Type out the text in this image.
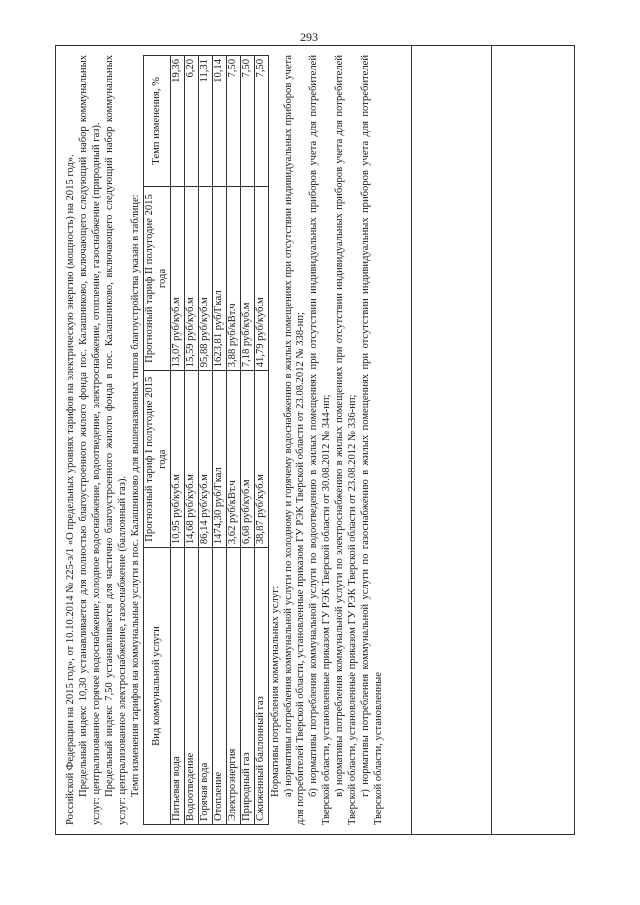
293

Российской Федерации на 2015 год», от 10.10.2014 № 225-э/1 «О предельных уровнях тарифов на электрическую энергию (мощность) на 2015 год». Предельный индекс 10,30 устанавливается для полностью благоустроенного жилого фонда пос. Калашниково, включающего следующий набор коммунальных услуг: централизованное горячее водоснабжение, холодное водоснабжение, водоотведение, электроснабжение, отопление, газоснабжение (природный газ). Предельный индекс 7,50 устанавливается для частично благоустроенного жилого фонда в пос. Калашниково, включающего следующий набор коммунальных услуг: централизованное электроснабжение, газоснабжение (баллонный газ). Темп изменения тарифов на коммунальные услуги в пос. Калашниково для вышеназванных типов благоустройства указан в таблице: Вид коммунальной услуги	Прогнозный тариф I полугодие 2015 года	Прогнозный тариф II полугодие 2015 года	Темп изменения, %
Питьевая вода	10,95 руб/куб.м	13,07 руб/куб.м	19,36
Водоотведение	14,68 руб/куб.м	15,59 руб/куб.м	6,20
Горячая вода	86,14 руб/куб.м	95,88 руб/куб.м	11,31
Отопление	1474,30 руб/Гкал	1623,81 руб/Гкал	10,14
Электроэнергия	3,62 руб/кВт.ч	3,88 руб/кВт.ч	7,50
Природный газ	6,68 руб/куб.м	7,18 руб/куб.м	7,50
Сжиженный баллонный газ	38,87 руб/куб.м	41,79 руб/куб.м	7,50

Нормативы потребления коммунальных услуг: а) нормативы потребления коммунальной услуги по холодному и горячему водоснабжению в жилых помещениях при отсутствии индивидуальных приборов учета для потребителей Тверской области, установленные приказом ГУ РЭК Тверской области от 23.08.2012 № 338-нп; б) нормативы потребления коммунальной услуги по водоотведению в жилых помещениях при отсутствии индивидуальных приборов учета для потребителей Тверской области, установленные приказом ГУ РЭК Тверской области от 30.08.2012 № 344-нп; в) нормативы потребления коммунальной услуги по электроснабжению в жилых помещениях при отсутствии индивидуальных приборов учета для потребителей Тверской области, установленные приказом ГУ РЭК Тверской области от 23.08.2012 № 336-нп; г) нормативы потребления коммунальной услуги по газоснабжению в жилых помещениях при отсутствии индивидуальных приборов учета для потребителей Тверской области, установленные
